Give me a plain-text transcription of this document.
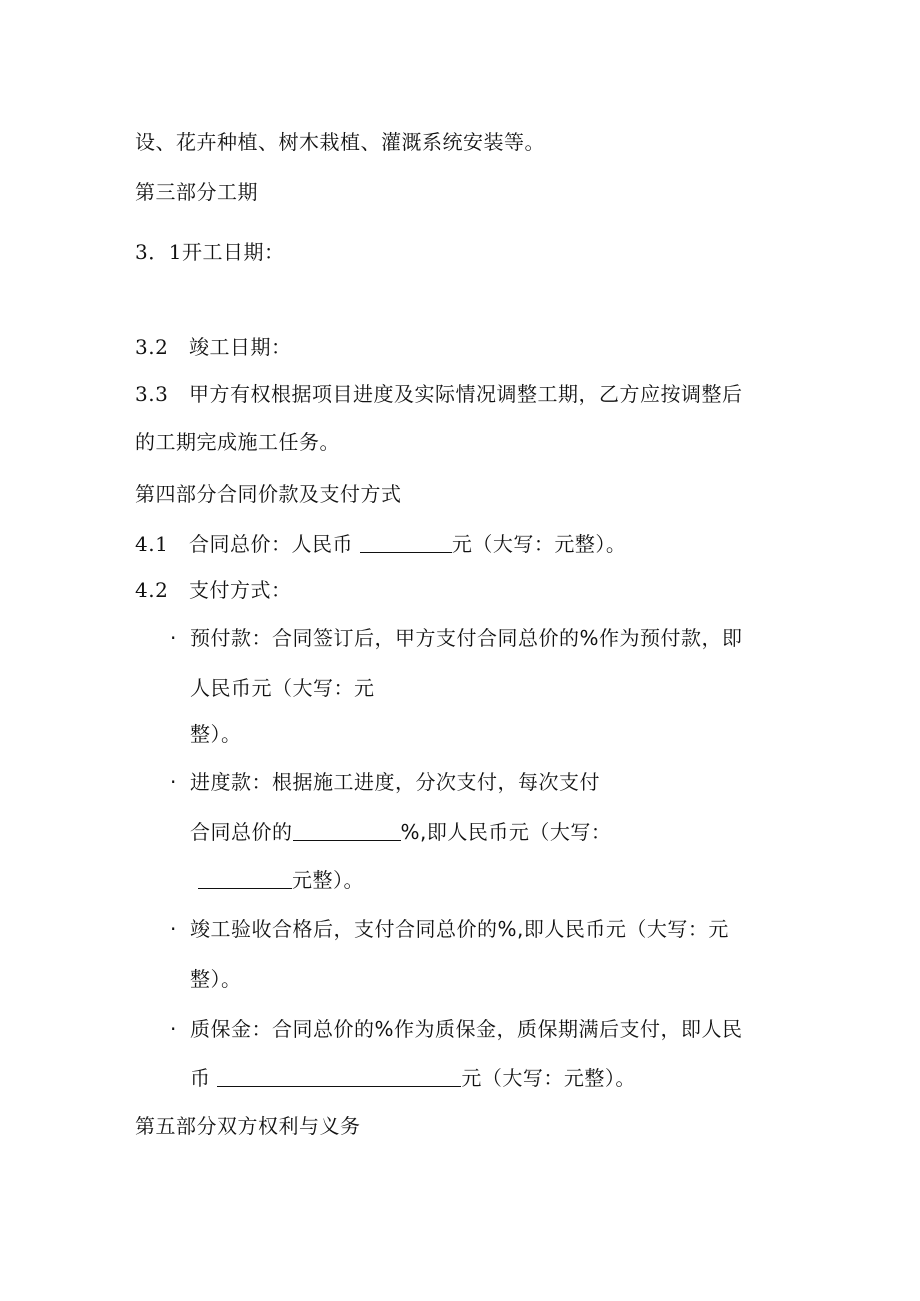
设、花卉种植、树木栽植、灌溉系统安装等。
第三部分工期
3．1开工日期：
3.2 竣工日期：
3.3 甲方有权根据项目进度及实际情况调整工期，乙方应按调整后
的工期完成施工任务。
第四部分合同价款及支付方式
4.1 合同总价：人民币	元（大写：元整）。
4.2 支付方式：
· 预付款：合同签订后，甲方支付合同总价的%作为预付款，即
人民币元（大写：元
整）。
· 进度款：根据施工进度，分次支付，每次支付
合同总价的	%,即人民币元（大写：
元整）。
· 竣工验收合格后，支付合同总价的%,即人民币元（大写：元
整）。
· 质保金：合同总价的%作为质保金，质保期满后支付，即人民
币	元（大写：元整）。
第五部分双方权利与义务
